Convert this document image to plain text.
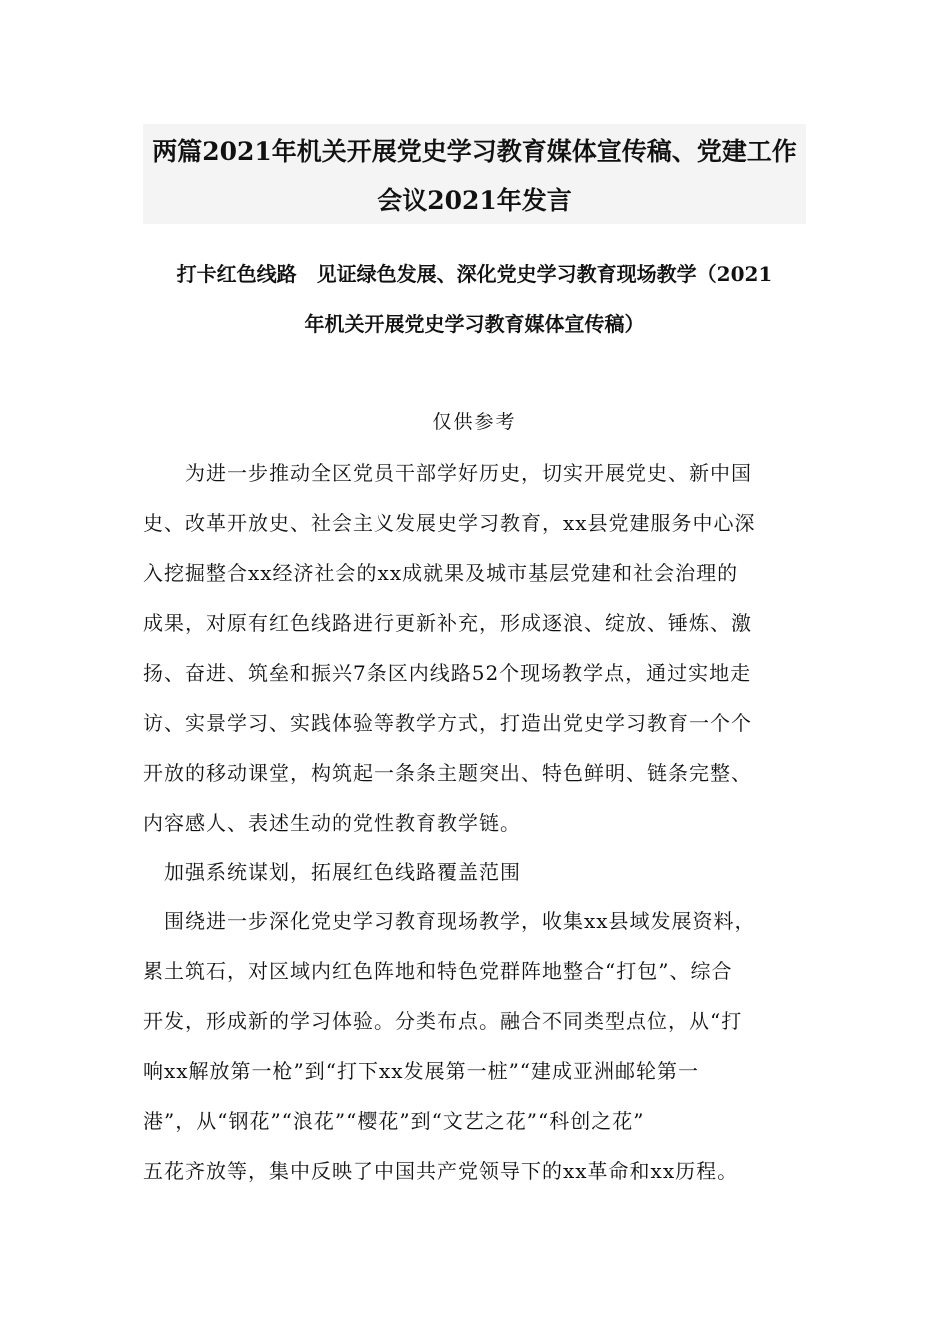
两篇2021年机关开展党史学习教育媒体宣传稿、党建工作
会议2021年发言
打卡红色线路　见证绿色发展、深化党史学习教育现场教学（2021
年机关开展党史学习教育媒体宣传稿）
仅供参考
　　为进一步推动全区党员干部学好历史，切实开展党史、新中国
史、改革开放史、社会主义发展史学习教育，xx县党建服务中心深
入挖掘整合xx经济社会的xx成就果及城市基层党建和社会治理的
成果，对原有红色线路进行更新补充，形成逐浪、绽放、锤炼、激
扬、奋进、筑垒和振兴7条区内线路52个现场教学点，通过实地走
访、实景学习、实践体验等教学方式，打造出党史学习教育一个个
开放的移动课堂，构筑起一条条主题突出、特色鲜明、链条完整、
内容感人、表述生动的党性教育教学链。
　加强系统谋划，拓展红色线路覆盖范围
　围绕进一步深化党史学习教育现场教学，收集xx县域发展资料，
累土筑石，对区域内红色阵地和特色党群阵地整合“打包”、综合
开发，形成新的学习体验。分类布点。融合不同类型点位，从“打
响xx解放第一枪”到“打下xx发展第一桩”“建成亚洲邮轮第一
港”，从“钢花”“浪花”“樱花”到“文艺之花”“科创之花”
五花齐放等，集中反映了中国共产党领导下的xx革命和xx历程。
